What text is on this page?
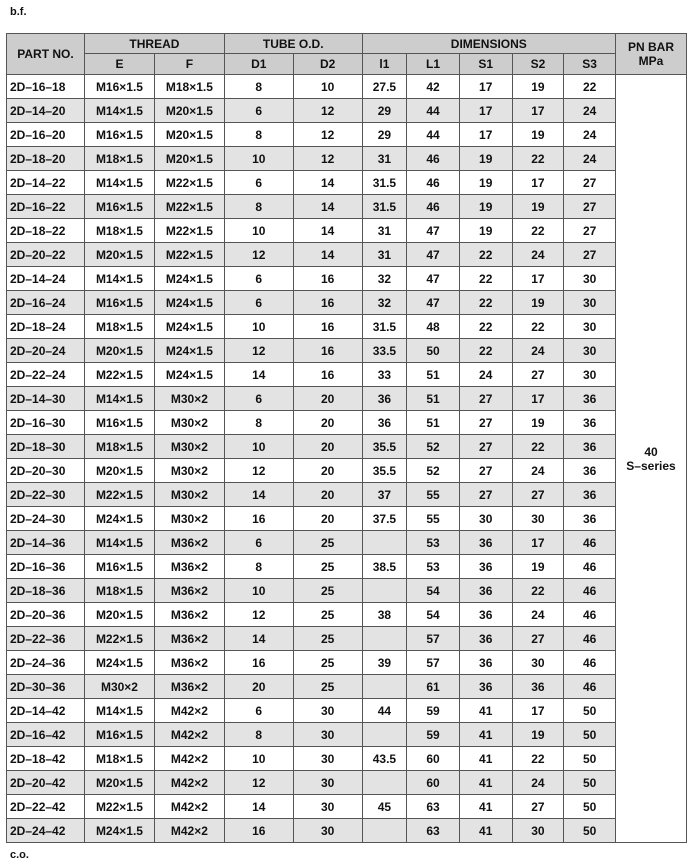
b.f.
PART NO.	THREAD		TUBE O.D.		DIMENSIONS					PN BAR
MPa

	E	F	D1	D2	l1	L1	S1	S2	S3	
2D–16–18	M16×1.5	M18×1.5	8	10	27.5	42	17	19	22	40
S–series

2D–14–20	M14×1.5	M20×1.5	6	12	29	44	17	17	24	
2D–16–20	M16×1.5	M20×1.5	8	12	29	44	17	19	24	
2D–18–20	M18×1.5	M20×1.5	10	12	31	46	19	22	24	
2D–14–22	M14×1.5	M22×1.5	6	14	31.5	46	19	17	27	
2D–16–22	M16×1.5	M22×1.5	8	14	31.5	46	19	19	27	
2D–18–22	M18×1.5	M22×1.5	10	14	31	47	19	22	27	
2D–20–22	M20×1.5	M22×1.5	12	14	31	47	22	24	27	
2D–14–24	M14×1.5	M24×1.5	6	16	32	47	22	17	30	
2D–16–24	M16×1.5	M24×1.5	6	16	32	47	22	19	30	
2D–18–24	M18×1.5	M24×1.5	10	16	31.5	48	22	22	30	
2D–20–24	M20×1.5	M24×1.5	12	16	33.5	50	22	24	30	
2D–22–24	M22×1.5	M24×1.5	14	16	33	51	24	27	30	
2D–14–30	M14×1.5	M30×2	6	20	36	51	27	17	36	
2D–16–30	M16×1.5	M30×2	8	20	36	51	27	19	36	
2D–18–30	M18×1.5	M30×2	10	20	35.5	52	27	22	36	
2D–20–30	M20×1.5	M30×2	12	20	35.5	52	27	24	36	
2D–22–30	M22×1.5	M30×2	14	20	37	55	27	27	36	
2D–24–30	M24×1.5	M30×2	16	20	37.5	55	30	30	36	
2D–14–36	M14×1.5	M36×2	6	25		53	36	17	46	
2D–16–36	M16×1.5	M36×2	8	25	38.5	53	36	19	46	
2D–18–36	M18×1.5	M36×2	10	25		54	36	22	46	
2D–20–36	M20×1.5	M36×2	12	25	38	54	36	24	46	
2D–22–36	M22×1.5	M36×2	14	25		57	36	27	46	
2D–24–36	M24×1.5	M36×2	16	25	39	57	36	30	46	
2D–30–36	M30×2	M36×2	20	25		61	36	36	46	
2D–14–42	M14×1.5	M42×2	6	30	44	59	41	17	50	
2D–16–42	M16×1.5	M42×2	8	30		59	41	19	50	
2D–18–42	M18×1.5	M42×2	10	30	43.5	60	41	22	50	
2D–20–42	M20×1.5	M42×2	12	30		60	41	24	50	
2D–22–42	M22×1.5	M42×2	14	30	45	63	41	27	50	
2D–24–42	M24×1.5	M42×2	16	30		63	41	30	50	
c.o.
